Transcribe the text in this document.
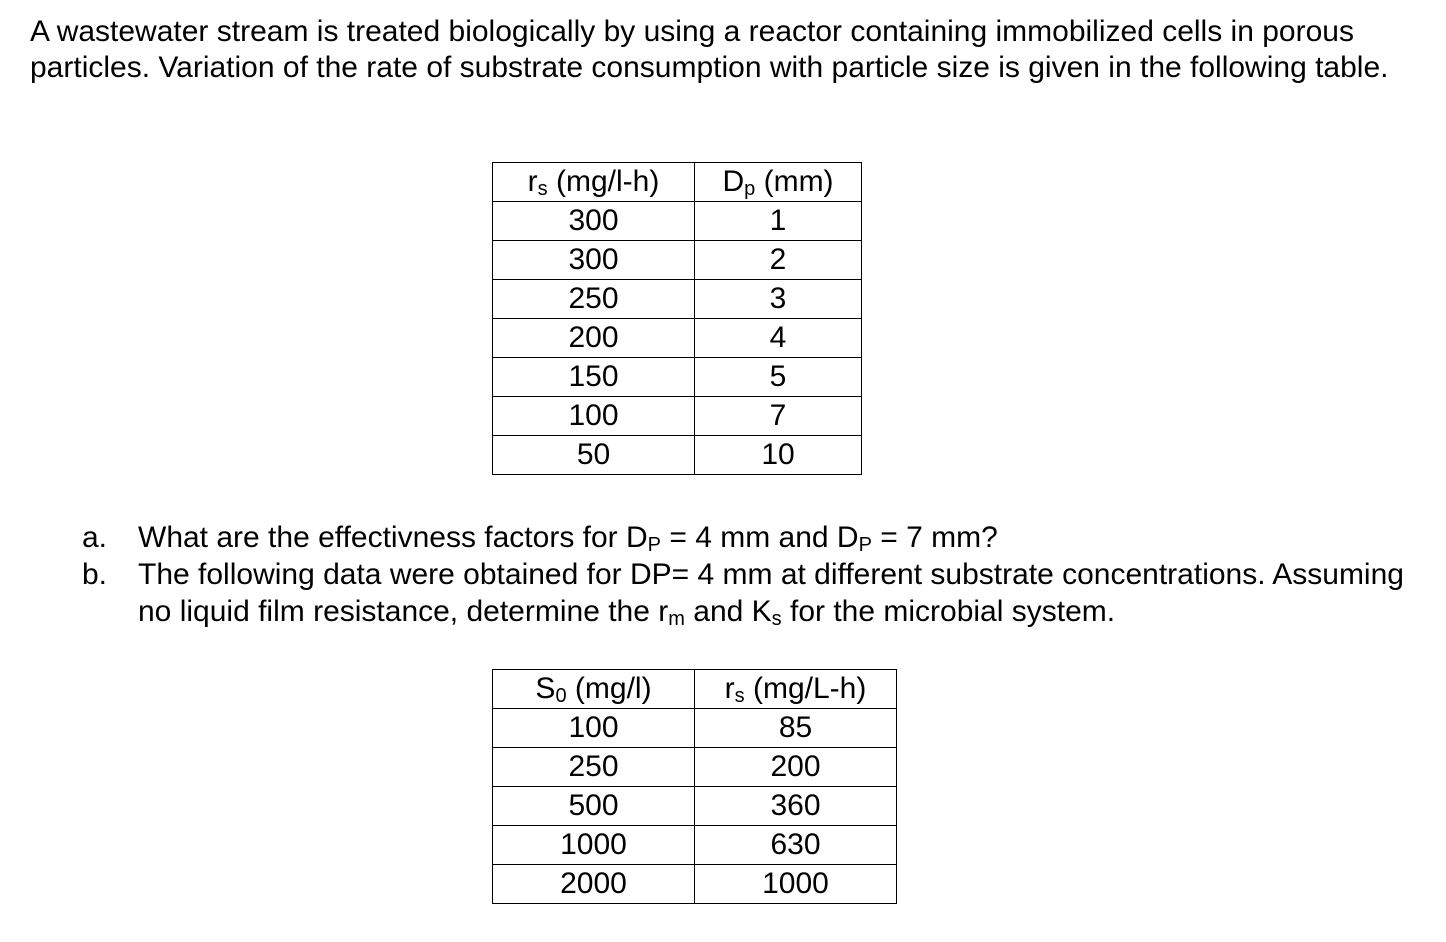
A wastewater stream is treated biologically by using a reactor containing immobilized cells in porous particles. Variation of the rate of substrate consumption with particle size is given in the following table.

$r_s$ (mg/l-h)	$D_p$ (mm)
300	1
300	2
250	3
200	4
150	5
100	7
50	10
a.	What are the effectivness factors for $D_P = 4$ mm and $D_P = 7$ mm?
b.	The following data were obtained for DP= 4 mm at different substrate concentrations. Assuming no liquid film resistance, determine the $r_m$ and $K_s$ for the microbial system.
$S_0$ (mg/l)	$r_s$ (mg/L-h)
100	85
250	200
500	360
1000	630
2000	1000
